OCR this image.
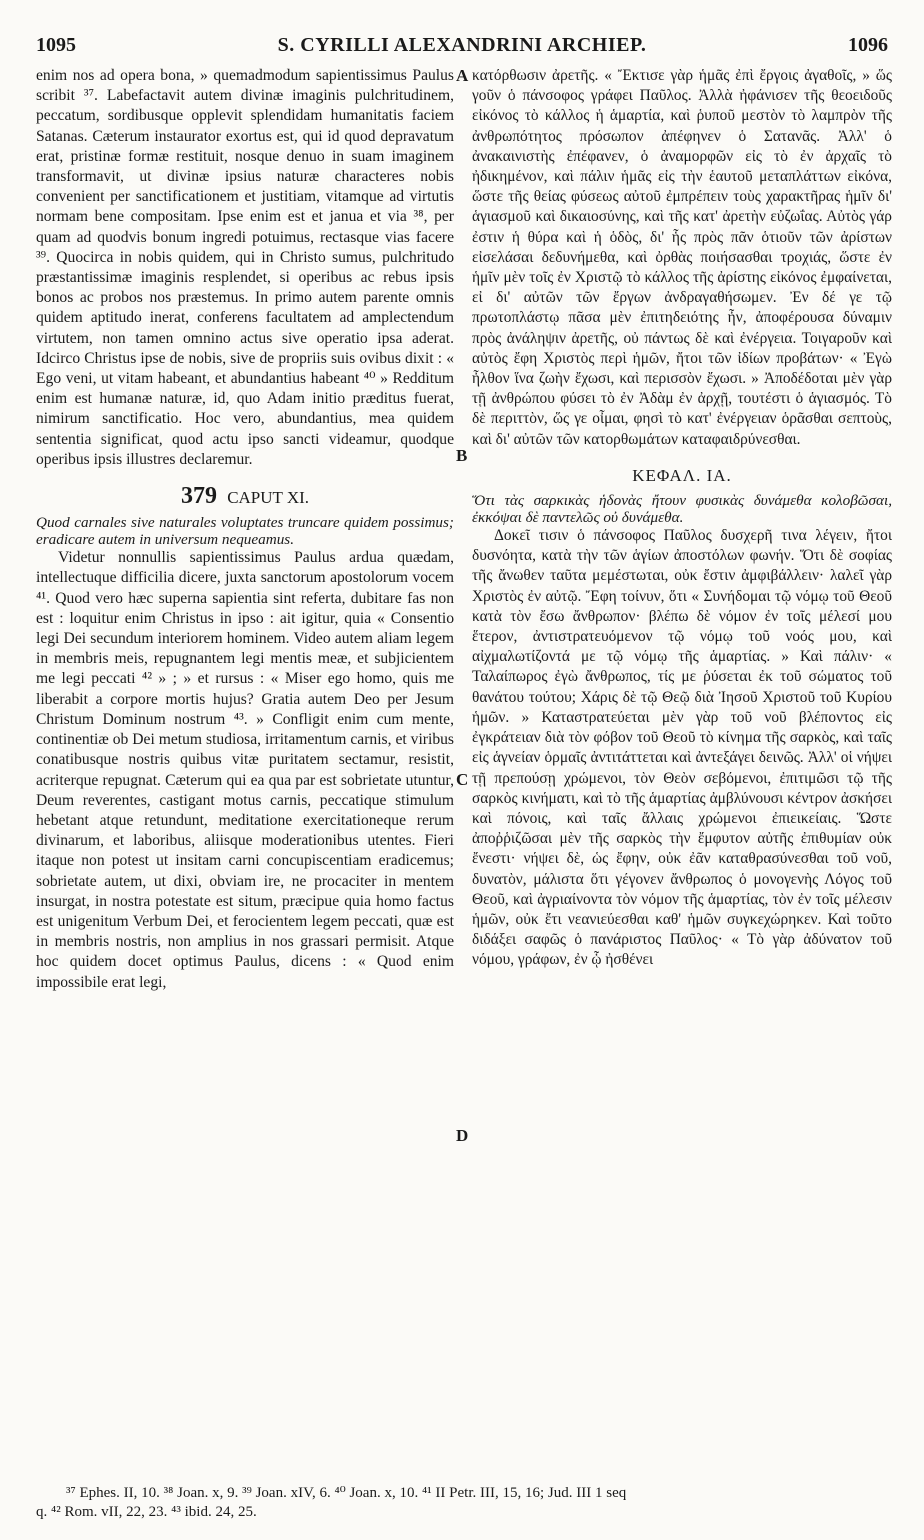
1095	S. CYRILLI ALEXANDRINI ARCHIEP.	1096

enim nos ad opera bona, » quemadmodum sapientissimus Paulus scribit ³⁷. Labefactavit autem divinæ imaginis pulchritudinem, peccatum, sordibusque opplevit splendidam humanitatis faciem Satanas. Cæterum instaurator exortus est, qui id quod depravatum erat, pristinæ formæ restituit, nosque denuo in suam imaginem transformavit, ut divinæ ipsius naturæ characteres nobis convenient per sanctificationem et justitiam, vitamque ad virtutis normam bene compositam. Ipse enim est et janua et via ³⁸, per quam ad quodvis bonum ingredi potuimus, rectasque vias facere ³⁹. Quocirca in nobis quidem, qui in Christo sumus, pulchritudo præstantissimæ imaginis resplendet, si operibus ac rebus ipsis bonos ac probos nos præstemus. In primo autem parente omnis quidem aptitudo inerat, conferens facultatem ad amplectendum virtutem, non tamen omnino actus sive operatio ipsa aderat. Idcirco Christus ipse de nobis, sive de propriis suis ovibus dixit : « Ego veni, ut vitam habeant, et abundantius habeant ⁴⁰ » Redditum enim est humanæ naturæ, id, quo Adam initio præditus fuerat, nimirum sanctificatio. Hoc vero, abundantius, mea quidem sententia significat, quod actu ipso sancti videamur, quodque operibus ipsis illustres declaremur.

379 CAPUT XI.

Quod carnales sive naturales voluptates truncare quidem possimus; eradicare autem in universum nequeamus.

Videtur nonnullis sapientissimus Paulus ardua quædam, intellectuque difficilia dicere, juxta sanctorum apostolorum vocem ⁴¹. Quod vero hæc superna sapientia sint referta, dubitare fas non est : loquitur enim Christus in ipso : ait igitur, quia « Consentio legi Dei secundum interiorem hominem. Video autem aliam legem in membris meis, repugnantem legi mentis meæ, et subjicientem me legi peccati ⁴² » ; » et rursus : « Miser ego homo, quis me liberabit a corpore mortis hujus? Gratia autem Deo per Jesum Christum Dominum nostrum ⁴³. » Confligit enim cum mente, continentiæ ob Dei metum studiosa, irritamentum carnis, et viribus conatibusque nostris quibus vitæ puritatem sectamur, resistit, acriterque repugnat. Cæterum qui ea qua par est sobrietate utuntur, Deum reverentes, castigant motus carnis, peccatique stimulum hebetant atque retundunt, meditatione exercitationeque rerum divinarum, et laboribus, aliisque moderationibus utentes. Fieri itaque non potest ut insitam carni concupiscentiam eradicemus; sobrietate autem, ut dixi, obviam ire, ne procaciter in mentem insurgat, in nostra potestate est situm, præcipue quia homo factus est unigenitum Verbum Dei, et ferocientem legem peccati, quæ est in membris nostris, non amplius in nos grassari permisit. Atque hoc quidem docet optimus Paulus, dicens : « Quod enim impossibile erat legi,

κατόρθωσιν ἀρετῆς. « Ἔκτισε γὰρ ἡμᾶς ἐπὶ ἔργοις ἀγαθοῖς, » ὥς γοῦν ὁ πάνσοφος γράφει Παῦλος. Ἀλλὰ ἠφάνισεν τῆς θεοειδοῦς εἰκόνος τὸ κάλλος ἡ ἁμαρτία, καὶ ῥυποῦ μεστὸν τὸ λαμπρὸν τῆς ἀνθρωπότητος πρόσωπον ἀπέφηνεν ὁ Σατανᾶς. Ἀλλ' ὁ ἀνακαινιστὴς ἐπέφανεν, ὁ ἀναμορφῶν εἰς τὸ ἐν ἀρχαῖς τὸ ἠδικημένον, καὶ πάλιν ἡμᾶς εἰς τὴν ἑαυτοῦ μεταπλάττων εἰκόνα, ὥστε τῆς θείας φύσεως αὐτοῦ ἐμπρέπειν τοὺς χαρακτῆρας ἡμῖν δι' ἁγιασμοῦ καὶ δικαιοσύνης, καὶ τῆς κατ' ἀρετὴν εὐζωΐας. Αὐτὸς γάρ ἐστιν ἡ θύρα καὶ ἡ ὁδὸς, δι' ἧς πρὸς πᾶν ὁτιοῦν τῶν ἀρίστων εἰσελάσαι δεδυνήμεθα, καὶ ὀρθὰς ποιήσασθαι τροχιάς, ὥστε ἐν ἡμῖν μὲν τοῖς ἐν Χριστῷ τὸ κάλλος τῆς ἀρίστης εἰκόνος ἐμφαίνεται, εἰ δι' αὐτῶν τῶν ἔργων ἀνδραγαθήσωμεν. Ἐν δέ γε τῷ πρωτοπλάστῳ πᾶσα μὲν ἐπιτηδειότης ἦν, ἀποφέρουσα δύναμιν πρὸς ἀνάληψιν ἀρετῆς, οὐ πάντως δὲ καὶ ἐνέργεια. Τοιγαροῦν καὶ αὐτὸς ἔφη Χριστὸς περὶ ἡμῶν, ἤτοι τῶν ἰδίων προβάτων· « Ἐγὼ ἦλθον ἵνα ζωὴν ἔχωσι, καὶ περισσὸν ἔχωσι. » Ἀποδέδοται μὲν γὰρ τῇ ἀνθρώπου φύσει τὸ ἐν Ἀδὰμ ἐν ἀρχῇ, τουτέστι ὁ ἁγιασμός. Τὸ δὲ περιττὸν, ὥς γε οἶμαι, φησὶ τὸ κατ' ἐνέργειαν ὁρᾶσθαι σεπτοὺς, καὶ δι' αὐτῶν τῶν κατορθωμάτων καταφαιδρύνεσθαι.

ΚΕΦΑΛ. ΙΑ.

Ὅτι τὰς σαρκικὰς ἡδονὰς ἤτουν φυσικὰς δυνάμεθα κολοβῶσαι, ἐκκόψαι δὲ παντελῶς οὐ δυνάμεθα.

Δοκεῖ τισιν ὁ πάνσοφος Παῦλος δυσχερῆ τινα λέγειν, ἤτοι δυσνόητα, κατὰ τὴν τῶν ἁγίων ἀποστόλων φωνήν. Ὅτι δὲ σοφίας τῆς ἄνωθεν ταῦτα μεμέστωται, οὐκ ἔστιν ἀμφιβάλλειν· λαλεῖ γὰρ Χριστὸς ἐν αὐτῷ. Ἔφη τοίνυν, ὅτι « Συνήδομαι τῷ νόμῳ τοῦ Θεοῦ κατὰ τὸν ἔσω ἄνθρωπον· βλέπω δὲ νόμον ἐν τοῖς μέλεσί μου ἕτερον, ἀντιστρατευόμενον τῷ νόμῳ τοῦ νοός μου, καὶ αἰχμαλωτίζοντά με τῷ νόμῳ τῆς ἁμαρτίας. » Καὶ πάλιν· « Ταλαίπωρος ἐγὼ ἄνθρωπος, τίς με ῥύσεται ἐκ τοῦ σώματος τοῦ θανάτου τούτου; Χάρις δὲ τῷ Θεῷ διὰ Ἰησοῦ Χριστοῦ τοῦ Κυρίου ἡμῶν. » Καταστρατεύεται μὲν γὰρ τοῦ νοῦ βλέποντος εἰς ἐγκράτειαν διὰ τὸν φόβον τοῦ Θεοῦ τὸ κίνημα τῆς σαρκὸς, καὶ ταῖς εἰς ἁγνείαν ὁρμαῖς ἀντιτάττεται καὶ ἀντεξάγει δεινῶς. Ἀλλ' οἱ νήψει τῇ πρεπούσῃ χρώμενοι, τὸν Θεὸν σεβόμενοι, ἐπιτιμῶσι τῷ τῆς σαρκὸς κινήματι, καὶ τὸ τῆς ἁμαρτίας ἀμβλύνουσι κέντρον ἀσκήσει καὶ πόνοις, καὶ ταῖς ἄλλαις χρώμενοι ἐπιεικείαις. Ὥστε ἀποῤῥιζῶσαι μὲν τῆς σαρκὸς τὴν ἔμφυτον αὐτῆς ἐπιθυμίαν οὐκ ἔνεστι· νήψει δὲ, ὡς ἔφην, οὐκ ἐᾶν καταθρασύνεσθαι τοῦ νοῦ, δυνατὸν, μάλιστα ὅτι γέγονεν ἄνθρωπος ὁ μονογενὴς Λόγος τοῦ Θεοῦ, καὶ ἀγριαίνοντα τὸν νόμον τῆς ἁμαρτίας, τὸν ἐν τοῖς μέλεσιν ἡμῶν, οὐκ ἔτι νεανιεύεσθαι καθ' ἡμῶν συγκεχώρηκεν. Καὶ τοῦτο διδάξει σαφῶς ὁ πανάριστος Παῦλος· « Τὸ γὰρ ἀδύνατον τοῦ νόμου, γράφων, ἐν ᾧ ἠσθένει

A
B
C
D

³⁷ Ephes. II, 10. ³⁸ Joan. x, 9. ³⁹ Joan. xIV, 6. ⁴⁰ Joan. x, 10. ⁴¹ II Petr. III, 15, 16; Jud. III 1 seq

q. ⁴² Rom. vII, 22, 23. ⁴³ ibid. 24, 25.
